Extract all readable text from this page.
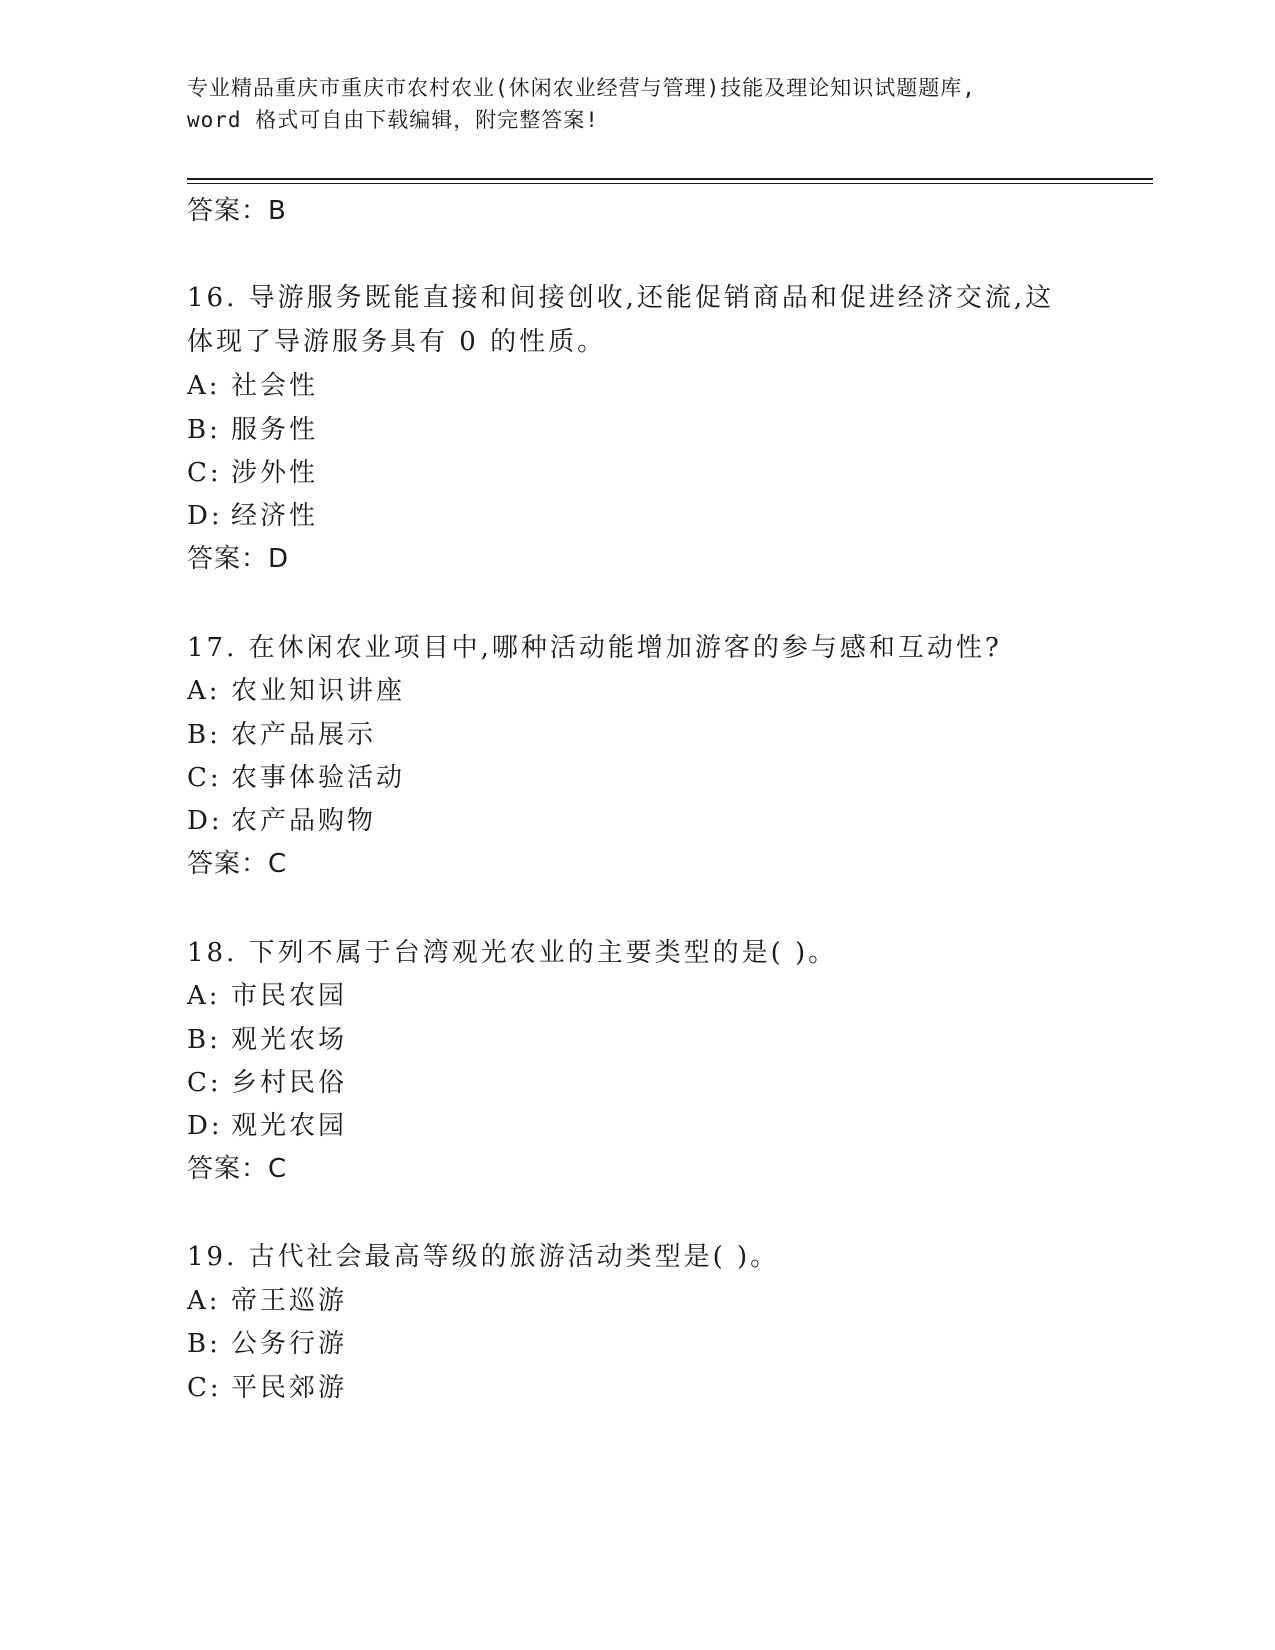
专业精品重庆市重庆市农村农业(休闲农业经营与管理)技能及理论知识试题题库,
word 格式可自由下载编辑，附完整答案!
答案：B
16. 导游服务既能直接和间接创收,还能促销商品和促进经济交流,这
体现了导游服务具有 0 的性质。
A: 社会性
B: 服务性
C: 涉外性
D: 经济性
答案：D
17. 在休闲农业项目中,哪种活动能增加游客的参与感和互动性?
A: 农业知识讲座
B: 农产品展示
C: 农事体验活动
D: 农产品购物
答案：C
18. 下列不属于台湾观光农业的主要类型的是( )。
A: 市民农园
B: 观光农场
C: 乡村民俗
D: 观光农园
答案：C
19. 古代社会最高等级的旅游活动类型是( )。
A: 帝王巡游
B: 公务行游
C: 平民郊游
